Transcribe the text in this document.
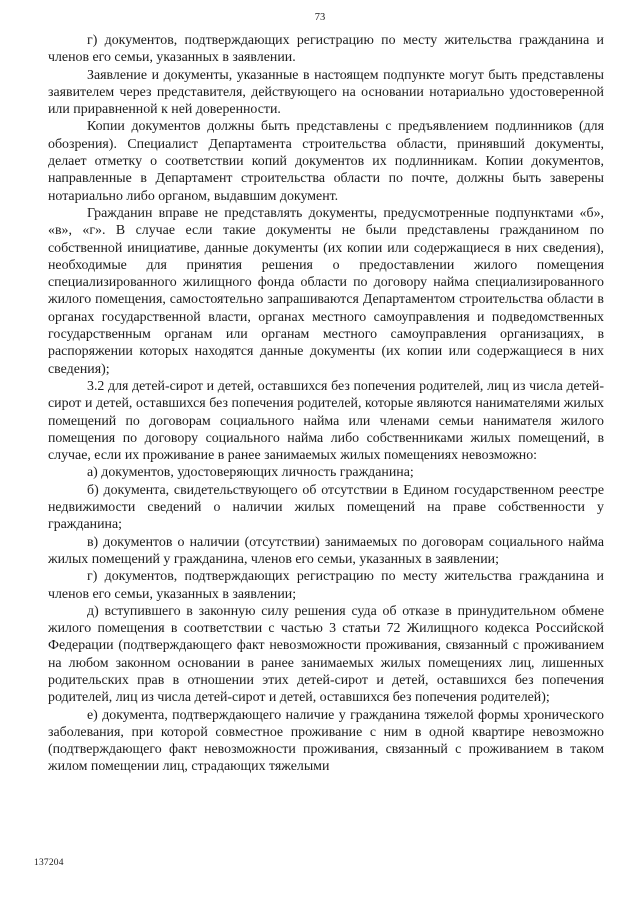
73

г) документов, подтверждающих регистрацию по месту жительства гражданина и членов его семьи, указанных в заявлении.

Заявление и документы, указанные в настоящем подпункте могут быть представлены заявителем через представителя, действующего на основании нотариально удостоверенной или приравненной к ней доверенности.

Копии документов должны быть представлены с предъявлением подлинников (для обозрения). Специалист Департамента строительства области, принявший документы, делает отметку о соответствии копий документов их подлинникам. Копии документов, направленные в Департамент строительства области по почте, должны быть заверены нотариально либо органом, выдавшим документ.

Гражданин вправе не представлять документы, предусмотренные подпунктами «б», «в», «г». В случае если такие документы не были представлены гражданином по собственной инициативе, данные документы (их копии или содержащиеся в них сведения), необходимые для принятия решения о предоставлении жилого помещения специализированного жилищного фонда области по договору найма специализированного жилого помещения, самостоятельно запрашиваются Департаментом строительства области в органах государственной власти, органах местного самоуправления и подведомственных государственным органам или органам местного самоуправления организациях, в распоряжении которых находятся данные документы (их копии или содержащиеся в них сведения);

3.2 для детей-сирот и детей, оставшихся без попечения родителей, лиц из числа детей-сирот и детей, оставшихся без попечения родителей, которые являются нанимателями жилых помещений по договорам социального найма или членами семьи нанимателя жилого помещения по договору социального найма либо собственниками жилых помещений, в случае, если их проживание в ранее занимаемых жилых помещениях невозможно:

а) документов, удостоверяющих личность гражданина;

б) документа, свидетельствующего об отсутствии в Едином государственном реестре недвижимости сведений о наличии жилых помещений на праве собственности у гражданина;

в) документов о наличии (отсутствии) занимаемых по договорам социального найма жилых помещений у гражданина, членов его семьи, указанных в заявлении;

г) документов, подтверждающих регистрацию по месту жительства гражданина и членов его семьи, указанных в заявлении;

д) вступившего в законную силу решения суда об отказе в принудительном обмене жилого помещения в соответствии с частью 3 статьи 72 Жилищного кодекса Российской Федерации (подтверждающего факт невозможности проживания, связанный с проживанием на любом законном основании в ранее занимаемых жилых помещениях лиц, лишенных родительских прав в отношении этих детей-сирот и детей, оставшихся без попечения родителей, лиц из числа детей-сирот и детей, оставшихся без попечения родителей);

е) документа, подтверждающего наличие у гражданина тяжелой формы хронического заболевания, при которой совместное проживание с ним в одной квартире невозможно (подтверждающего факт невозможности проживания, связанный с проживанием в таком жилом помещении лиц, страдающих тяжелыми

137204
